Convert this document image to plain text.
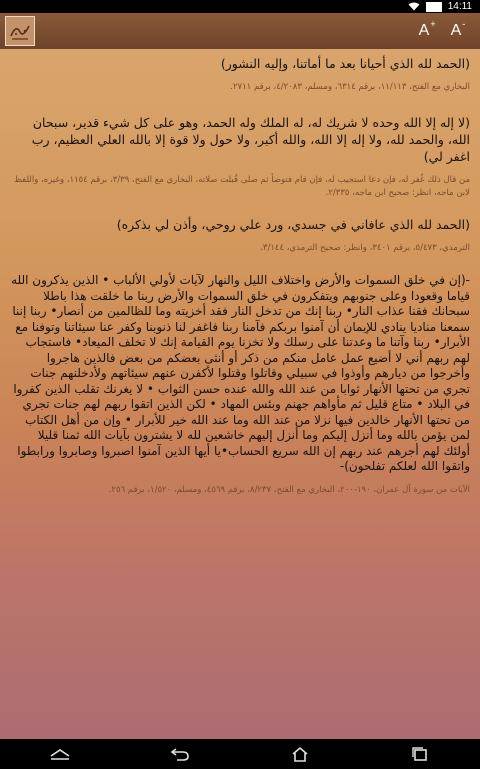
14:11
A + A -

(الحمد لله الذي أحيانا بعد ما أماتنا، وإليه النشور)

البخاري مع الفتح، ١١/١١٣، برقم ٦٣١٤، ومسلم، ٤/٢٠٨٣، برقم ٢٧١١.

(لا إله إلا الله وحده لا شريك له، له الملك وله الحمد، وهو على كل شيء قدير، سبحان الله، والحمد لله، ولا إله إلا الله، والله أكبر، ولا حول ولا قوة إلا بالله العلي العظيم، رب اغفر لي)

من قال ذلك غُفر له، فإن دعا استجيب له، فإن قام فتوضأ ثم صلى قُبلت صلاته، البخاري مع الفتح، ٣/٣٩، برقم ١١٥٤، وغيره، واللفظ لابن ماجه، انظر: صحيح ابن ماجه، ٢/٣٣٥.

(الحمد لله الذي عافاني في جسدي، ورد علي روحي، وأذن لي بذكره)

الترمذي، ٥/٤٧٣، برقم ٣٤٠١، وانظر: صحيح الترمذي، ٣/١٤٤.

-(إن في خلق السموات والأرض واختلاف الليل والنهار لآيات لأولي الألباب • الذين يذكرون الله قياما وقعودا وعلى جنوبهم ويتفكرون في خلق السموات والأرض ربنا ما خلقت هذا باطلا سبحانك فقنا عذاب النار• ربنا إنك من تدخل النار فقد أخزيته وما للظالمين من أنصار• ربنا إننا سمعنا مناديا ينادي للإيمان أن آمنوا بربكم فآمنا ربنا فاغفر لنا ذنوبنا وكفر عنا سيئاتنا وتوفنا مع الأبرار• ربنا وآتنا ما وعدتنا على رسلك ولا تخزنا يوم القيامة إنك لا تخلف الميعاد• فاستجاب لهم ربهم أني لا أضيع عمل عامل منكم من ذكر أو أنثى بعضكم من بعض فالذين هاجروا وأخرجوا من ديارهم وأوذوا في سبيلي وقاتلوا وقتلوا لأكفرن عنهم سيئاتهم ولأدخلنهم جنات تجري من تحتها الأنهار ثوابا من عند الله والله عنده حسن الثواب • لا يغرنك تقلب الذين كفروا في البلاد • متاع قليل ثم مأواهم جهنم وبئس المهاد • لكن الذين اتقوا ربهم لهم جنات تجري من تحتها الأنهار خالدين فيها نزلا من عند الله وما عند الله خير للأبرار • وإن من أهل الكتاب لمن يؤمن بالله وما أنزل إليكم وما أنزل إليهم خاشعين لله لا يشترون بآيات الله ثمنا قليلا أولئك لهم أجرهم عند ربهم إن الله سريع الحساب•يا أيها الذين آمنوا اصبروا وصابروا ورابطوا واتقوا الله لعلكم تفلحون)-

الآيات من سورة آل عمران، ١٩٠-٢٠٠، البخاري مع الفتح، ٨/٢٣٧، برقم ٤٥٦٩، ومسلم، ١/٥٢٠، برقم ٢٥٦.
